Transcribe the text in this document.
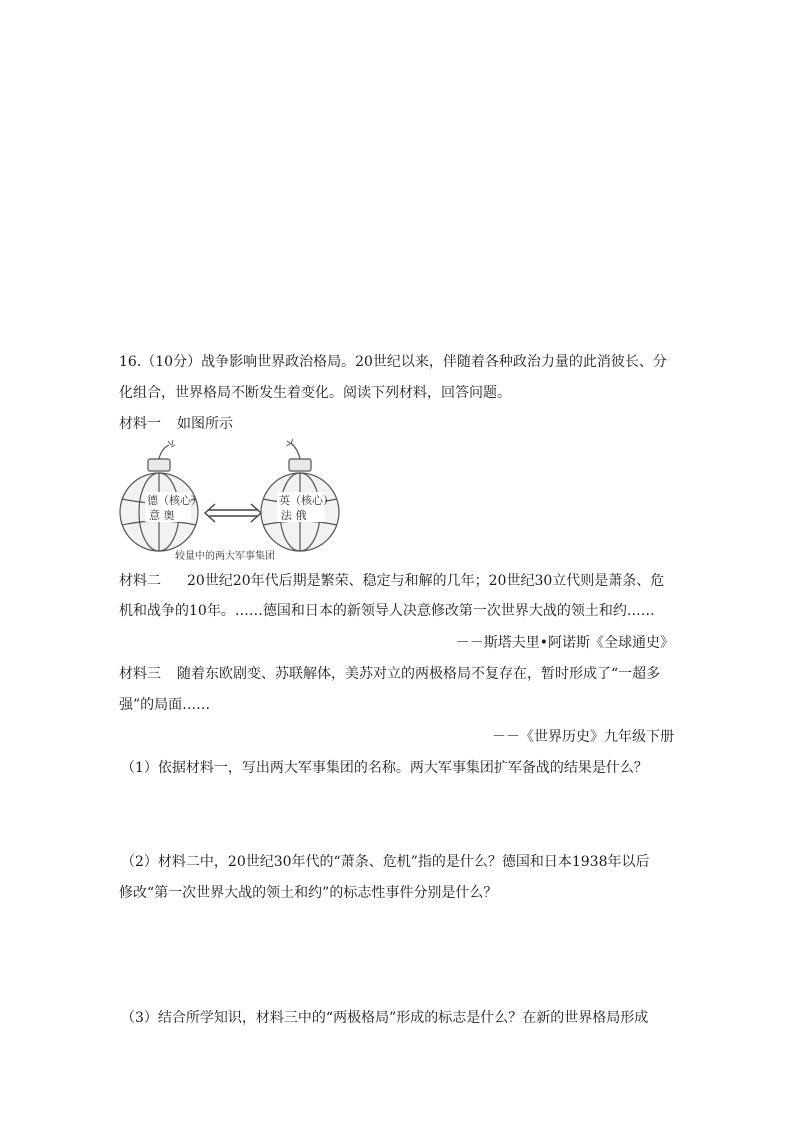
16.（10分）战争影响世界政治格局。20世纪以来，伴随着各种政治力量的此消彼长、分
化组合，世界格局不断发生着变化。阅读下列材料，回答问题。
材料一 如图所示
德（核心）
意 奥
英（核心）
法 俄
较量中的两大军事集团
材料二 20世纪20年代后期是繁荣、稳定与和解的几年；20世纪30立代则是萧条、危
机和战争的10年。……德国和日本的新领导人决意修改第一次世界大战的领土和约……
－－斯塔夫里•阿诺斯《全球通史》
材料三 随着东欧剧变、苏联解体，美苏对立的两极格局不复存在，暂时形成了“一超多
强”的局面……
－－《世界历史》九年级下册
（1）依据材料一，写出两大军事集团的名称。两大军事集团扩军备战的结果是什么？
（2）材料二中，20世纪30年代的“萧条、危机”指的是什么？德国和日本1938年以后
修改“第一次世界大战的领土和约”的标志性事件分别是什么？
（3）结合所学知识，材料三中的“两极格局”形成的标志是什么？在新的世界格局形成
